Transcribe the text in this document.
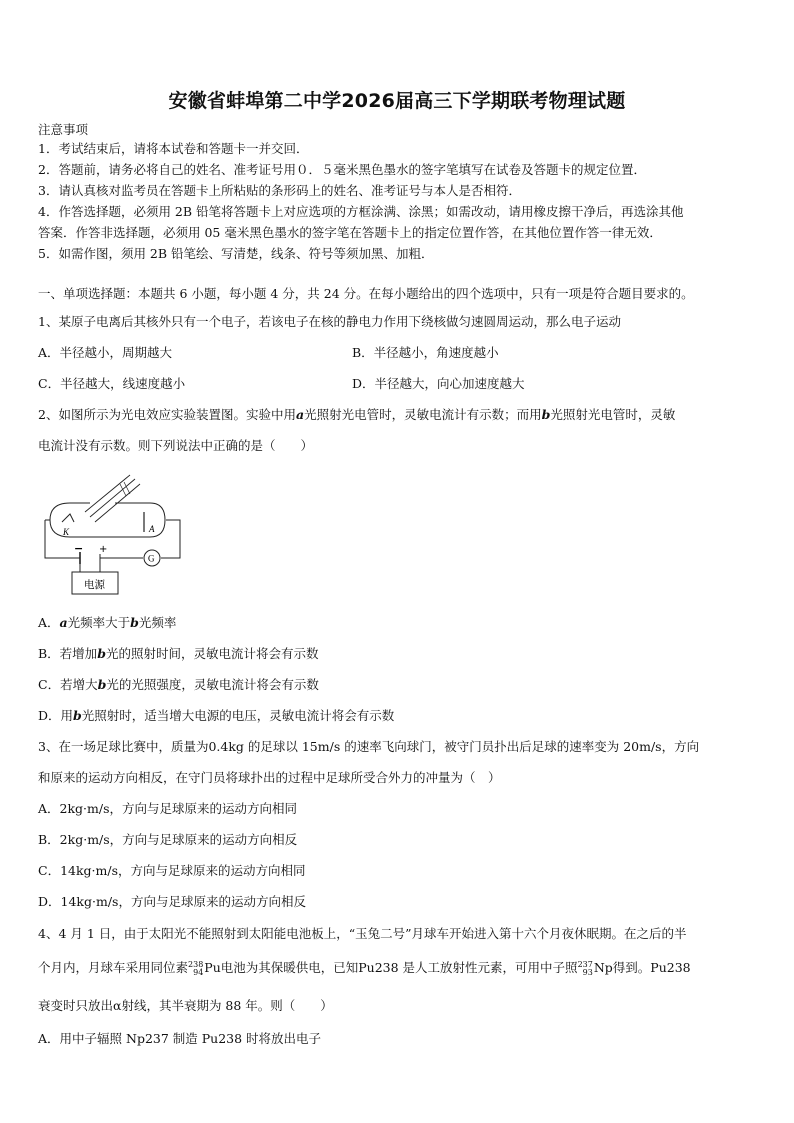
安徽省蚌埠第二中学2026届高三下学期联考物理试题
注意事项
1．考试结束后，请将本试卷和答题卡一并交回．
2．答题前，请务必将自己的姓名、准考证号用０．５毫米黑色墨水的签字笔填写在试卷及答题卡的规定位置．
3．请认真核对监考员在答题卡上所粘贴的条形码上的姓名、准考证号与本人是否相符．
4．作答选择题，必须用 2B 铅笔将答题卡上对应选项的方框涂满、涂黑；如需改动，请用橡皮擦干净后，再选涂其他
答案．作答非选择题，必须用 05 毫米黑色墨水的签字笔在答题卡上的指定位置作答，在其他位置作答一律无效．
5．如需作图，须用 2B 铅笔绘、写清楚，线条、符号等须加黑、加粗．
一、单项选择题：本题共 6 小题，每小题 4 分，共 24 分。在每小题给出的四个选项中，只有一项是符合题目要求的。
1、某原子电离后其核外只有一个电子，若该电子在核的静电力作用下绕核做匀速圆周运动，那么电子运动
A．半径越小，周期越大	B．半径越小，角速度越小
C．半径越大，线速度越小	D．半径越大，向心加速度越大
2、如图所示为光电效应实验装置图。实验中用a光照射光电管时，灵敏电流计有示数；而用b光照射光电管时，灵敏
电流计没有示数。则下列说法中正确的是（　　）
K	A
− +
G
电源
A．a光频率大于b光频率
B．若增加b光的照射时间，灵敏电流计将会有示数
C．若增大b光的光照强度，灵敏电流计将会有示数
D．用b光照射时，适当增大电源的电压，灵敏电流计将会有示数
3、在一场足球比赛中，质量为0.4kg 的足球以 15m/s 的速率飞向球门，被守门员扑出后足球的速率变为 20m/s，方向
和原来的运动方向相反，在守门员将球扑出的过程中足球所受合外力的冲量为（　）
A．2kg·m/s，方向与足球原来的运动方向相同
B．2kg·m/s，方向与足球原来的运动方向相反
C．14kg·m/s，方向与足球原来的运动方向相同
D．14kg·m/s，方向与足球原来的运动方向相反
4、4 月 1 日，由于太阳光不能照射到太阳能电池板上，“玉兔二号”月球车开始进入第十六个月夜休眠期。在之后的半
个月内，月球车采用同位素238
94Pu电池为其保暖供电，已知Pu238 是人工放射性元素，可用中子照237
93Np得到。Pu238
衰变时只放出α射线，其半衰期为 88 年。则（　　）
A．用中子辐照 Np237 制造 Pu238 时将放出电子
